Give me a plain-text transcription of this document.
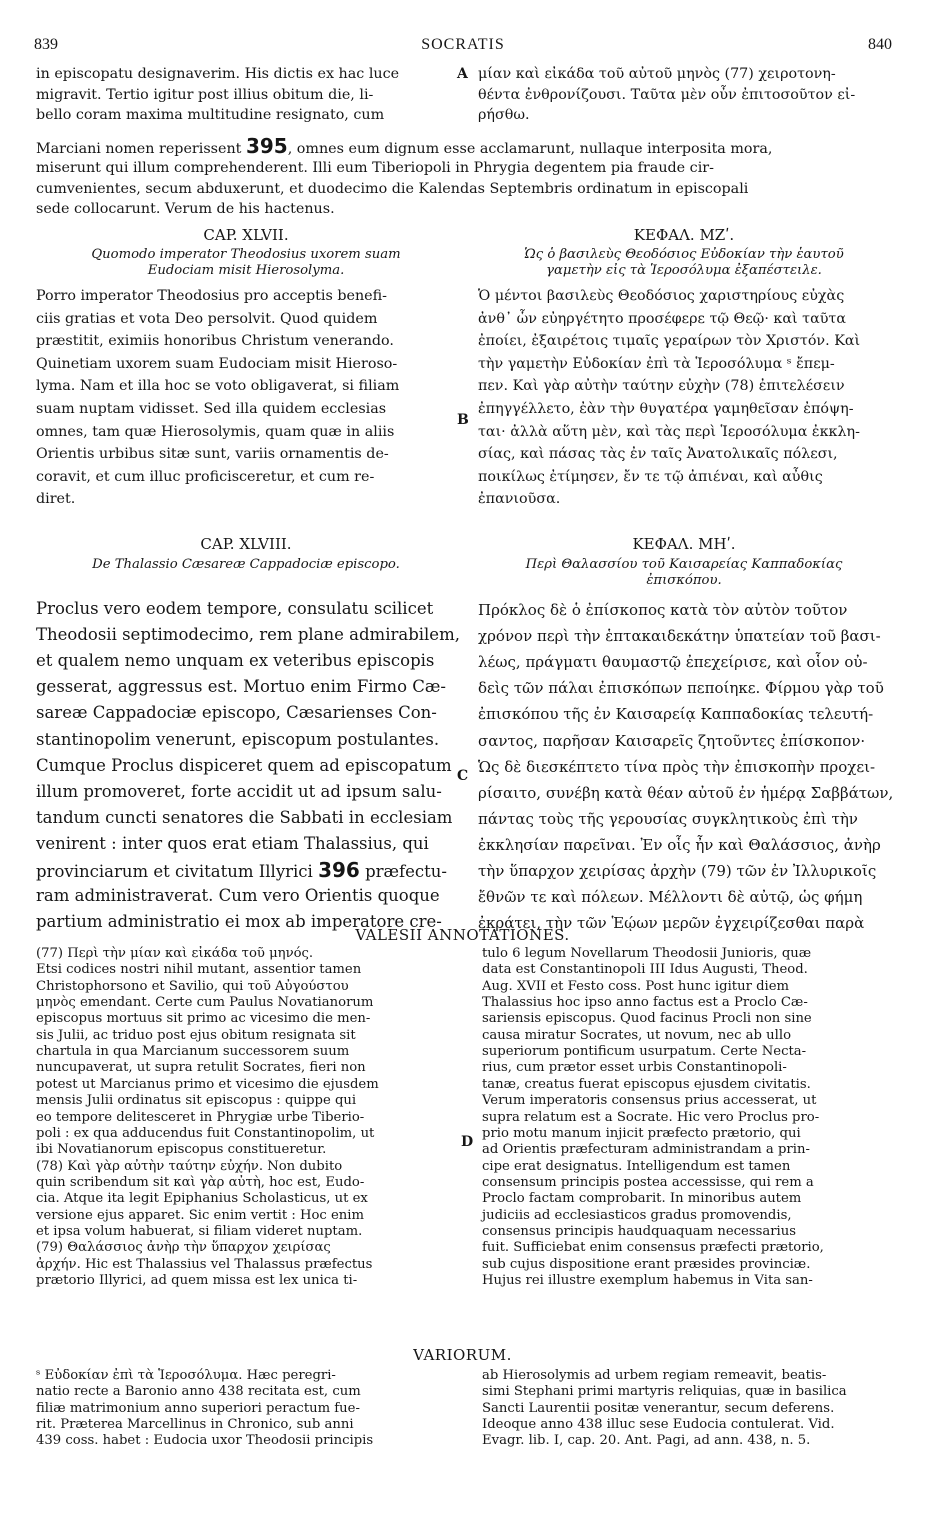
839	SOCRATIS	840
in episcopatu designaverim. His dictis ex hac luce
migravit. Tertio igitur post illius obitum die, li-
bello coram maxima multitudine resignato, cum
μίαν καὶ εἰκάδα τοῦ αὐτοῦ μηνὸς (77) χειροτονη-
θέντα ἐνθρονίζουσι. Ταῦτα μὲν οὖν ἐπιτοσοῦτον εἰ-
ρήσθω.
A
Marciani nomen reperissent 395, omnes eum dignum esse acclamarunt, nullaque interposita mora,
miserunt qui illum comprehenderent. Illi eum Tiberiopoli in Phrygia degentem pia fraude cir-
cumvenientes, secum abduxerunt, et duodecimo die Kalendas Septembris ordinatum in episcopali
sede collocarunt. Verum de his hactenus.
CAP. XLVII.	ΚΕΦΑΛ. ΜΖʹ.
Quomodo imperator Theodosius uxorem suam
Eudociam misit Hierosolyma.
Ὡς ὁ βασιλεὺς Θεοδόσιος Εὐδοκίαν τὴν ἑαυτοῦ
γαμετὴν εἰς τὰ Ἱεροσόλυμα ἐξαπέστειλε.
Porro imperator Theodosius pro acceptis benefi-
ciis gratias et vota Deo persolvit. Quod quidem
præstitit, eximiis honoribus Christum venerando.
Quinetiam uxorem suam Eudociam misit Hieroso-
lyma. Nam et illa hoc se voto obligaverat, si filiam
suam nuptam vidisset. Sed illa quidem ecclesias
omnes, tam quæ Hierosolymis, quam quæ in aliis
Orientis urbibus sitæ sunt, variis ornamentis de-
coravit, et cum illuc proficisceretur, et cum re-
diret.
Ὁ μέντοι βασιλεὺς Θεοδόσιος χαριστηρίους εὐχὰς
ἀνθ᾽ ὧν εὐηργέτητο προσέφερε τῷ Θεῷ· καὶ ταῦτα
ἐποίει, ἐξαιρέτοις τιμαῖς γεραίρων τὸν Χριστόν. Καὶ
τὴν γαμετὴν Εὐδοκίαν ἐπὶ τὰ Ἱεροσόλυμα ˢ ἔπεμ-
πεν. Καὶ γὰρ αὐτὴν ταύτην εὐχὴν (78) ἐπιτελέσειν
ἐπηγγέλλετο, ἐὰν τὴν θυγατέρα γαμηθεῖσαν ἐπόψη-
ται· ἀλλὰ αὕτη μὲν, καὶ τὰς περὶ Ἱεροσόλυμα ἐκκλη-
σίας, καὶ πάσας τὰς ἐν ταῖς Ἀνατολικαῖς πόλεσι,
ποικίλως ἐτίμησεν, ἔν τε τῷ ἀπιέναι, καὶ αὖθις
ἐπανιοῦσα.
B
CAP. XLVIII.	ΚΕΦΑΛ. ΜΗʹ.
De Thalassio Cæsareæ Cappadociæ episcopo.	Περὶ Θαλασσίου τοῦ Καισαρείας Καππαδοκίας
ἐπισκόπου.
Proclus vero eodem tempore, consulatu scilicet
Theodosii septimodecimo, rem plane admirabilem,
et qualem nemo unquam ex veteribus episcopis
gesserat, aggressus est. Mortuo enim Firmo Cæ-
sareæ Cappadociæ episcopo, Cæsarienses Con-
stantinopolim venerunt, episcopum postulantes.
Cumque Proclus dispiceret quem ad episcopatum
illum promoveret, forte accidit ut ad ipsum salu-
tandum cuncti senatores die Sabbati in ecclesiam
venirent : inter quos erat etiam Thalassius, qui
provinciarum et civitatum Illyrici 396 præfectu-
ram administraverat. Cum vero Orientis quoque
partium administratio ei mox ab imperatore cre-
Πρόκλος δὲ ὁ ἐπίσκοπος κατὰ τὸν αὐτὸν τοῦτον
χρόνον περὶ τὴν ἑπτακαιδεκάτην ὑπατείαν τοῦ βασι-
λέως, πράγματι θαυμαστῷ ἐπεχείρισε, καὶ οἷον οὐ-
δεὶς τῶν πάλαι ἐπισκόπων πεποίηκε. Φίρμου γὰρ τοῦ
ἐπισκόπου τῆς ἐν Καισαρείᾳ Καππαδοκίας τελευτή-
σαντος, παρῆσαν Καισαρεῖς ζητοῦντες ἐπίσκοπον·
Ὡς δὲ διεσκέπτετο τίνα πρὸς τὴν ἐπισκοπὴν προχει-
ρίσαιτο, συνέβη κατὰ θέαν αὐτοῦ ἐν ἡμέρᾳ Σαββάτων,
πάντας τοὺς τῆς γερουσίας συγκλητικοὺς ἐπὶ τὴν
ἐκκλησίαν παρεῖναι. Ἐν οἷς ἦν καὶ Θαλάσσιος, ἀνὴρ
τὴν ὕπαρχον χειρίσας ἀρχὴν (79) τῶν ἐν Ἰλλυρικοῖς
ἔθνῶν τε καὶ πόλεων. Μέλλοντι δὲ αὐτῷ, ὡς φήμη
ἐκράτει, τὴν τῶν Ἑῴων μερῶν ἐγχειρίζεσθαι παρὰ
C
VALESII ANNOTATIONES.
(77) Περὶ τὴν μίαν καὶ εἰκάδα τοῦ μηνός.
Etsi codices nostri nihil mutant, assentior tamen
Christophorsono et Savilio, qui τοῦ Αὐγούστου
μηνὸς emendant. Certe cum Paulus Novatianorum
episcopus mortuus sit primo ac vicesimo die men-
sis Julii, ac triduo post ejus obitum resignata sit
chartula in qua Marcianum successorem suum
nuncupaverat, ut supra retulit Socrates, fieri non
potest ut Marcianus primo et vicesimo die ejusdem
mensis Julii ordinatus sit episcopus : quippe qui
eo tempore delitesceret in Phrygiæ urbe Tiberio-
poli : ex qua adducendus fuit Constantinopolim, ut
ibi Novatianorum episcopus constitueretur.
(78) Καὶ γὰρ αὐτὴν ταύτην εὐχήν. Non dubito
quin scribendum sit καὶ γὰρ αὐτὴ, hoc est, Eudo-
cia. Atque ita legit Epiphanius Scholasticus, ut ex
versione ejus apparet. Sic enim vertit : Hoc enim
et ipsa volum habuerat, si filiam videret nuptam.
(79) Θαλάσσιος ἀνὴρ τὴν ὕπαρχον χειρίσας
ἀρχήν. Hic est Thalassius vel Thalassus præfectus
prætorio Illyrici, ad quem missa est lex unica ti-
tulo 6 legum Novellarum Theodosii Junioris, quæ
data est Constantinopoli III Idus Augusti, Theod.
Aug. XVII et Festo coss. Post hunc igitur diem
Thalassius hoc ipso anno factus est a Proclo Cæ-
sariensis episcopus. Quod facinus Procli non sine
causa miratur Socrates, ut novum, nec ab ullo
superiorum pontificum usurpatum. Certe Necta-
rius, cum prætor esset urbis Constantinopoli-
tanæ, creatus fuerat episcopus ejusdem civitatis.
Verum imperatoris consensus prius accesserat, ut
supra relatum est a Socrate. Hic vero Proclus pro-
prio motu manum injicit præfecto prætorio, qui
ad Orientis præfecturam administrandam a prin-
cipe erat designatus. Intelligendum est tamen
consensum principis postea accessisse, qui rem a
Proclo factam comprobarit. In minoribus autem
judiciis ad ecclesiasticos gradus promovendis,
consensus principis haudquaquam necessarius
fuit. Sufficiebat enim consensus præfecti prætorio,
sub cujus dispositione erant præsides provinciæ.
Hujus rei illustre exemplum habemus in Vita san-
D
VARIORUM.
ˢ Εὐδοκίαν ἐπὶ τὰ Ἱεροσόλυμα. Hæc peregri-
natio recte a Baronio anno 438 recitata est, cum
filiæ matrimonium anno superiori peractum fue-
rit. Præterea Marcellinus in Chronico, sub anni
439 coss. habet : Eudocia uxor Theodosii principis
ab Hierosolymis ad urbem regiam remeavit, beatis-
simi Stephani primi martyris reliquias, quæ in basilica
Sancti Laurentii positæ venerantur, secum deferens.
Ideoque anno 438 illuc sese Eudocia contulerat. Vid.
Evagr. lib. I, cap. 20. Ant. Pagi, ad ann. 438, n. 5.
